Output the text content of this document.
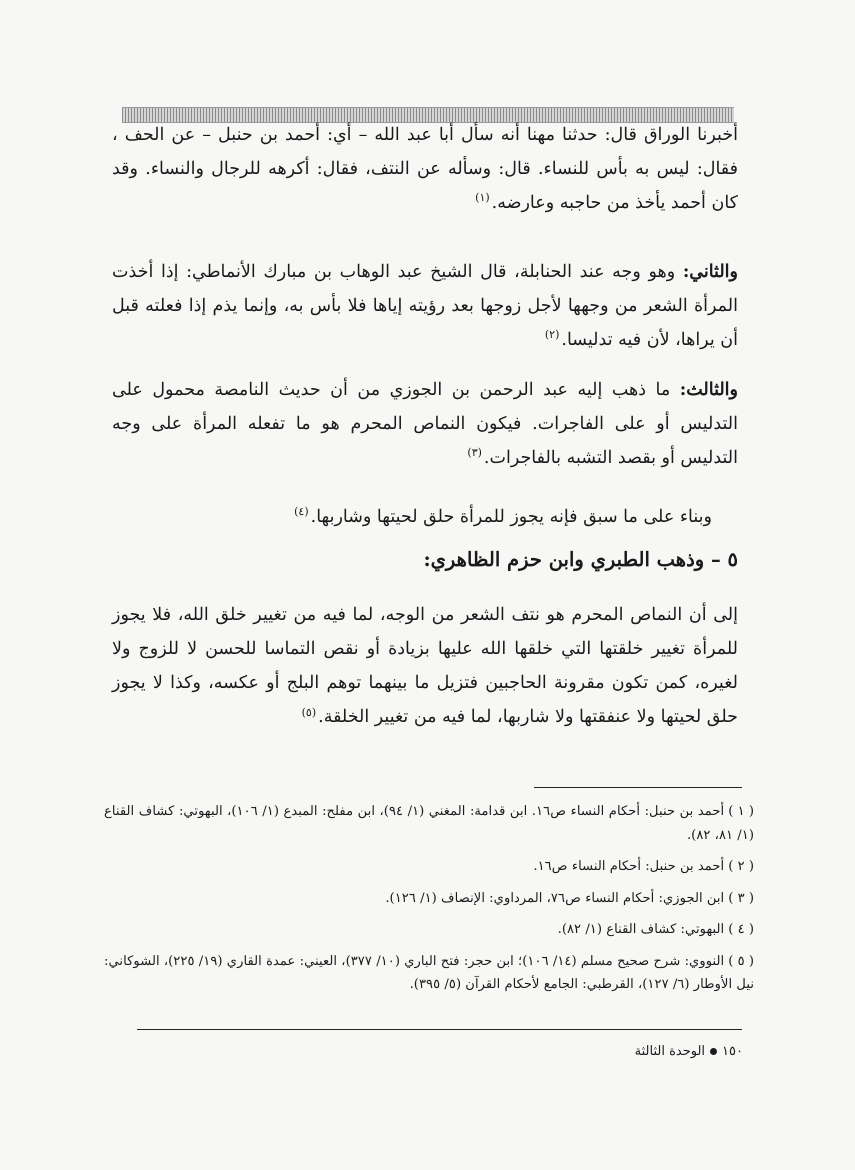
أخبرنا الوراق قال: حدثنا مهنا أنه سأل أبا عبد الله – أي: أحمد بن حنبل – عن الحف ، فقال: ليس به بأس للنساء. قال: وسأله عن النتف، فقال: أكرهه للرجال والنساء. وقد كان أحمد يأخذ من حاجبه وعارضه.$^{(١)}$

والثاني: وهو وجه عند الحنابلة، قال الشيخ عبد الوهاب بن مبارك الأنماطي: إذا أخذت المرأة الشعر من وجهها لأجل زوجها بعد رؤيته إياها فلا بأس به، وإنما يذم إذا فعلته قبل أن يراها، لأن فيه تدليسا.$^{(٢)}$

والثالث: ما ذهب إليه عبد الرحمن بن الجوزي من أن حديث النامصة محمول على التدليس أو على الفاجرات. فيكون النماص المحرم هو ما تفعله المرأة على وجه التدليس أو بقصد التشبه بالفاجرات.$^{(٣)}$

وبناء على ما سبق فإنه يجوز للمرأة حلق لحيتها وشاربها.$^{(٤)}$

٥ – وذهب الطبري وابن حزم الظاهري:

إلى أن النماص المحرم هو نتف الشعر من الوجه، لما فيه من تغيير خلق الله، فلا يجوز للمرأة تغيير خلقتها التي خلقها الله عليها بزيادة أو نقص التماسا للحسن لا للزوج ولا لغيره، كمن تكون مقرونة الحاجبين فتزيل ما بينهما توهم البلج أو عكسه، وكذا لا يجوز حلق لحيتها ولا عنفقتها ولا شاربها، لما فيه من تغيير الخلقة.$^{(٥)}$

( ١ )أحمد بن حنبل: أحكام النساء ص١٦. ابن قدامة: المغني (١/ ٩٤)، ابن مفلح: المبدع (١/ ١٠٦)، البهوتي: كشاف القناع (١/ ٨١، ٨٢).

( ٢ )أحمد بن حنبل: أحكام النساء ص١٦.

( ٣ )ابن الجوزي: أحكام النساء ص٧٦، المرداوي: الإنصاف (١/ ١٢٦).

( ٤ )البهوتي: كشاف القناع (١/ ٨٢).

( ٥ )النووي: شرح صحيح مسلم (١٤/ ١٠٦)؛ ابن حجر: فتح الباري (١٠/ ٣٧٧)، العيني: عمدة القاري (١٩/ ٢٢٥)، الشوكاني: نيل الأوطار (٦/ ١٢٧)، القرطبي: الجامع لأحكام القرآن (٥/ ٣٩٥).

١٥٠الوحدة الثالثة
